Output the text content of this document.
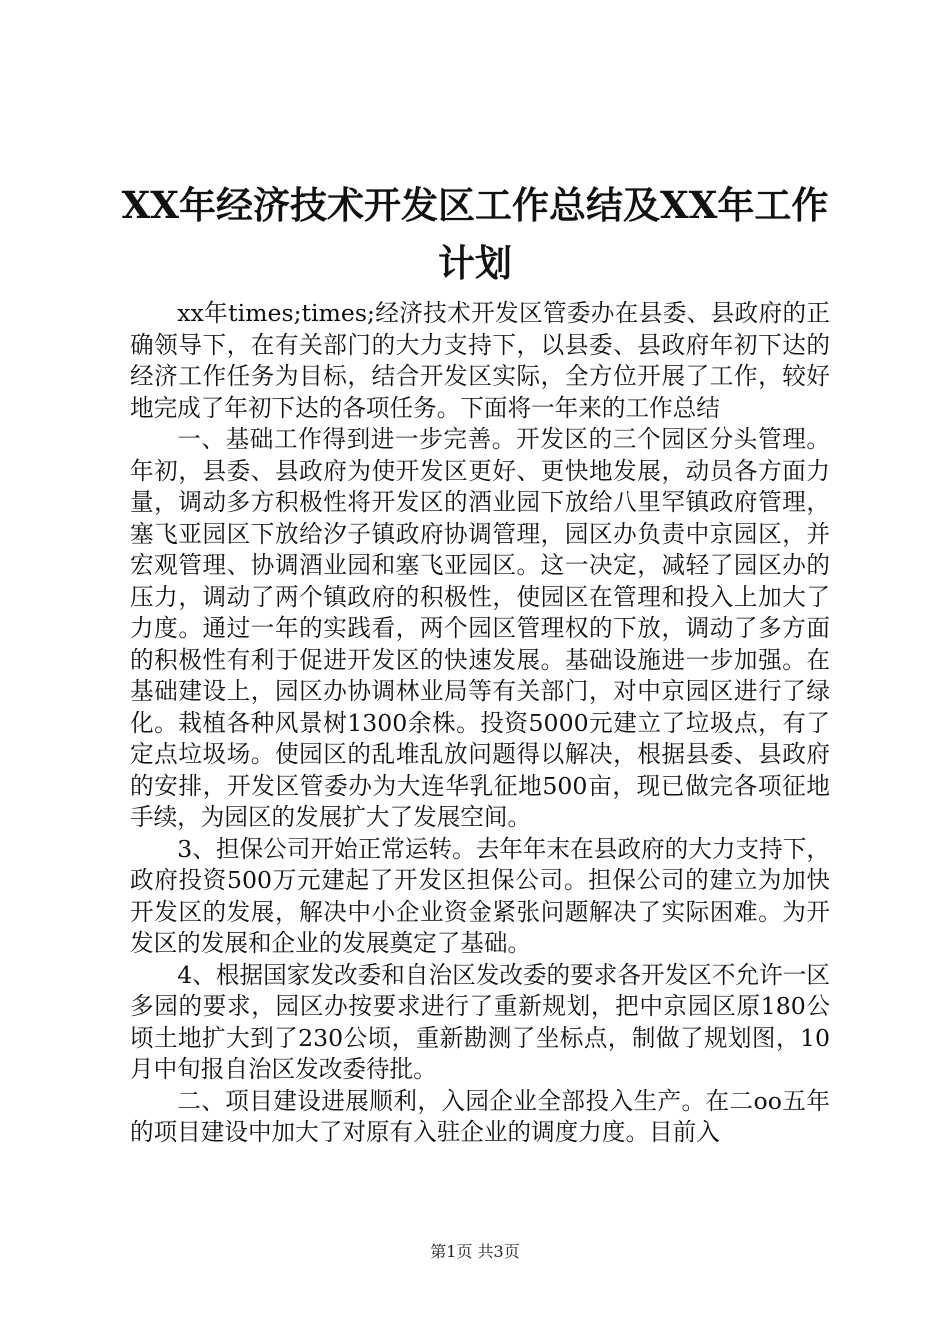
XX年经济技术开发区工作总结及XX年工作计划

xx年times;times;经济技术开发区管委办在县委、县政府的正确领导下，在有关部门的大力支持下，以县委、县政府年初下达的经济工作任务为目标，结合开发区实际，全方位开展了工作，较好地完成了年初下达的各项任务。下面将一年来的工作总结

一、基础工作得到进一步完善。开发区的三个园区分头管理。年初，县委、县政府为使开发区更好、更快地发展，动员各方面力量，调动多方积极性将开发区的酒业园下放给八里罕镇政府管理，塞飞亚园区下放给汐子镇政府协调管理，园区办负责中京园区，并宏观管理、协调酒业园和塞飞亚园区。这一决定，减轻了园区办的压力，调动了两个镇政府的积极性，使园区在管理和投入上加大了力度。通过一年的实践看，两个园区管理权的下放，调动了多方面的积极性有利于促进开发区的快速发展。基础设施进一步加强。在基础建设上，园区办协调林业局等有关部门，对中京园区进行了绿化。栽植各种风景树1300余株。投资5000元建立了垃圾点，有了定点垃圾场。使园区的乱堆乱放问题得以解决，根据县委、县政府的安排，开发区管委办为大连华乳征地500亩，现已做完各项征地手续，为园区的发展扩大了发展空间。

3、担保公司开始正常运转。去年年末在县政府的大力支持下，政府投资500万元建起了开发区担保公司。担保公司的建立为加快开发区的发展，解决中小企业资金紧张问题解决了实际困难。为开发区的发展和企业的发展奠定了基础。

4、根据国家发改委和自治区发改委的要求各开发区不允许一区多园的要求，园区办按要求进行了重新规划，把中京园区原180公顷土地扩大到了230公顷，重新勘测了坐标点，制做了规划图，10月中旬报自治区发改委待批。

二、项目建设进展顺利，入园企业全部投入生产。在二oo五年的项目建设中加大了对原有入驻企业的调度力度。目前入

第1页 共3页
